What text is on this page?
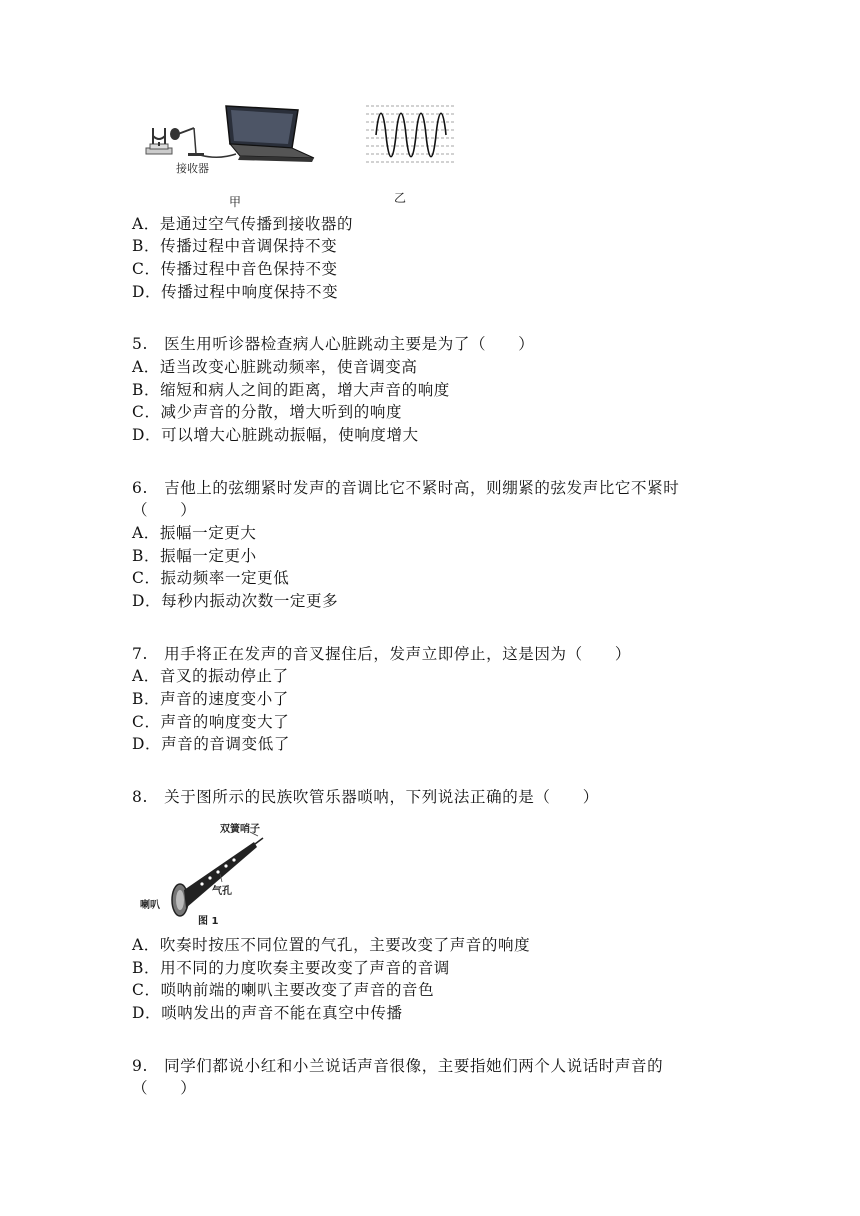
接收器
甲	乙
A．是通过空气传播到接收器的
B．传播过程中音调保持不变
C．传播过程中音色保持不变
D．传播过程中响度保持不变
5.　医生用听诊器检查病人心脏跳动主要是为了（　　）
A．适当改变心脏跳动频率，使音调变高
B．缩短和病人之间的距离，增大声音的响度
C．减少声音的分散，增大听到的响度
D．可以增大心脏跳动振幅，使响度增大
6.　吉他上的弦绷紧时发声的音调比它不紧时高，则绷紧的弦发声比它不紧时
（　　）
A．振幅一定更大
B．振幅一定更小
C．振动频率一定更低
D．每秒内振动次数一定更多
7.　用手将正在发声的音叉握住后，发声立即停止，这是因为（　　）
A．音叉的振动停止了
B．声音的速度变小了
C．声音的响度变大了
D．声音的音调变低了
8.　关于图所示的民族吹管乐器唢呐，下列说法正确的是（　　）
双簧哨子
气孔
喇叭
图 1
A．吹奏时按压不同位置的气孔，主要改变了声音的响度
B．用不同的力度吹奏主要改变了声音的音调
C．唢呐前端的喇叭主要改变了声音的音色
D．唢呐发出的声音不能在真空中传播
9.　同学们都说小红和小兰说话声音很像，主要指她们两个人说话时声音的
（　　）
